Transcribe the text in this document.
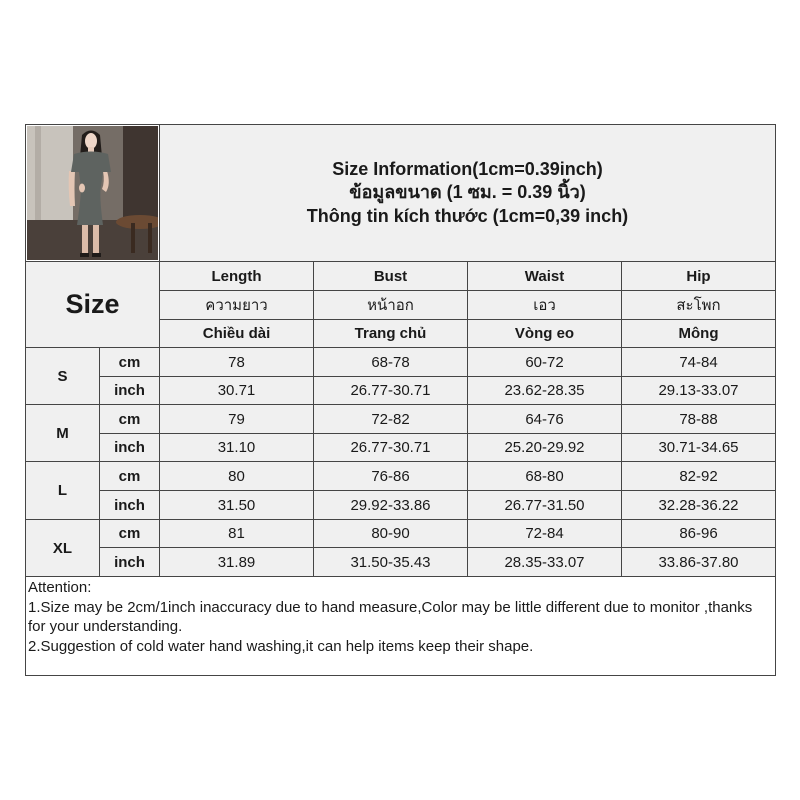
Size Information(1cm=0.39inch)
ข้อมูลขนาด (1 ซม. = 0.39 นิ้ว)
Thông tin kích thước (1cm=0,39 inch)
Size
Length	Bust	Waist	Hip
ความยาว	หน้าอก	เอว	สะโพก
Chiều dài	Trang chủ	Vòng eo	Mông
S
cm	78	68-78	60-72	74-84
inch	30.71	26.77-30.71	23.62-28.35	29.13-33.07
M
cm	79	72-82	64-76	78-88
inch	31.10	26.77-30.71	25.20-29.92	30.71-34.65
L
cm	80	76-86	68-80	82-92
inch	31.50	29.92-33.86	26.77-31.50	32.28-36.22
XL
cm	81	80-90	72-84	86-96
inch	31.89	31.50-35.43	28.35-33.07	33.86-37.80
Attention:
1.Size may be 2cm/1inch inaccuracy due to hand measure,Color may be little different due to monitor ,thanks for your understanding.
2.Suggestion of cold water hand washing,it can help items keep their shape.
